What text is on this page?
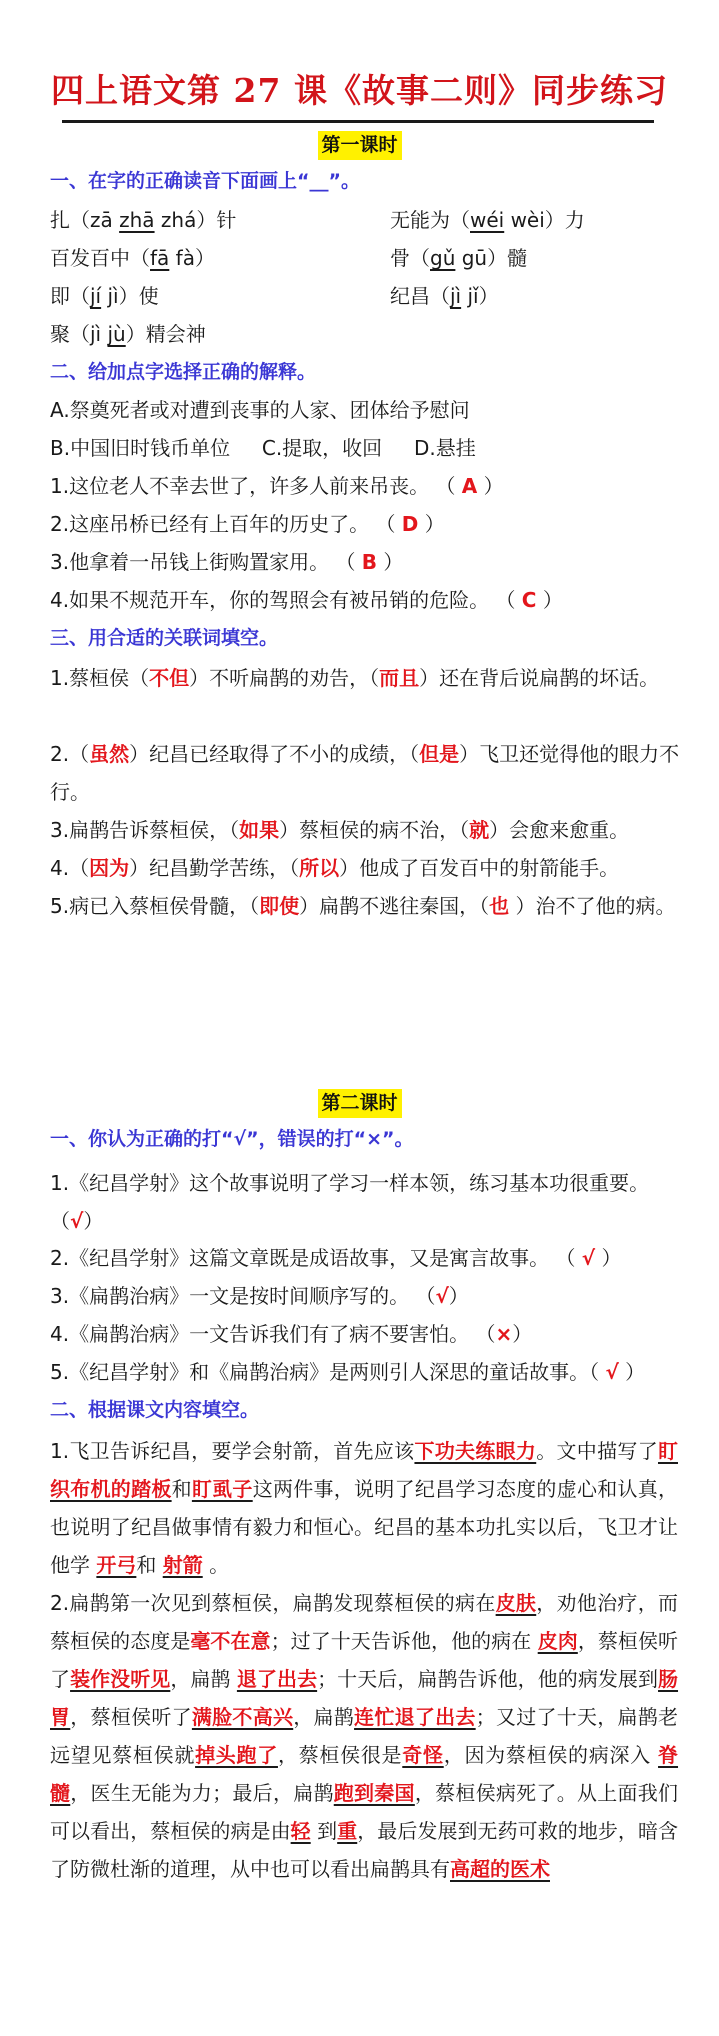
四上语文第 27 课《故事二则》同步练习
第一课时
一、在字的正确读音下面画上“__”。
扎（zā zhā zhá）针	无能为（wéi wèi）力
百发百中（fā fà）	骨（gǔ gū）髓
即（jí jì）使	纪昌（jì jǐ）
聚（jì jù）精会神
二、给加点字选择正确的解释。
A.祭奠死者或对遭到丧事的人家、团体给予慰问
B.中国旧时钱币单位     C.提取，收回     D.悬挂
1.这位老人不幸去世了，许多人前来吊丧。 （ A ）
2.这座吊桥已经有上百年的历史了。 （ D ）
3.他拿着一吊钱上街购置家用。 （ B ）
4.如果不规范开车，你的驾照会有被吊销的危险。 （ C ）
三、用合适的关联词填空。
1.蔡桓侯（不但）不听扁鹊的劝告，（而且）还在背后说扁鹊的坏话。
2.（虽然）纪昌已经取得了不小的成绩，（但是）飞卫还觉得他的眼力不行。
3.扁鹊告诉蔡桓侯，（如果）蔡桓侯的病不治，（就）会愈来愈重。
4.（因为）纪昌勤学苦练，（所以）他成了百发百中的射箭能手。
5.病已入蔡桓侯骨髓，（即使）扁鹊不逃往秦国，（也 ）治不了他的病。
第二课时
一、你认为正确的打“√”，错误的打“×”。
1.《纪昌学射》这个故事说明了学习一样本领，练习基本功很重要。（√）
2.《纪昌学射》这篇文章既是成语故事，又是寓言故事。 （ √ ）
3.《扁鹊治病》一文是按时间顺序写的。 （√）
4.《扁鹊治病》一文告诉我们有了病不要害怕。 （×）
5.《纪昌学射》和《扁鹊治病》是两则引人深思的童话故事。（ √ ）
二、根据课文内容填空。
1.飞卫告诉纪昌，要学会射箭，首先应该下功夫练眼力。文中描写了盯织布机的踏板和盯虱子这两件事，说明了纪昌学习态度的虚心和认真，也说明了纪昌做事情有毅力和恒心。纪昌的基本功扎实以后，飞卫才让他学 开弓和 射箭 。
2.扁鹊第一次见到蔡桓侯，扁鹊发现蔡桓侯的病在皮肤，劝他治疗，而蔡桓侯的态度是毫不在意；过了十天告诉他，他的病在 皮肉，蔡桓侯听了装作没听见，扁鹊 退了出去；十天后，扁鹊告诉他，他的病发展到肠胃，蔡桓侯听了满脸不高兴，扁鹊连忙退了出去；又过了十天，扁鹊老远望见蔡桓侯就掉头跑了，蔡桓侯很是奇怪，因为蔡桓侯的病深入 脊髓，医生无能为力；最后，扁鹊跑到秦国，蔡桓侯病死了。从上面我们可以看出，蔡桓侯的病是由轻 到重，最后发展到无药可救的地步，暗含了防微杜渐的道理，从中也可以看出扁鹊具有高超的医术
